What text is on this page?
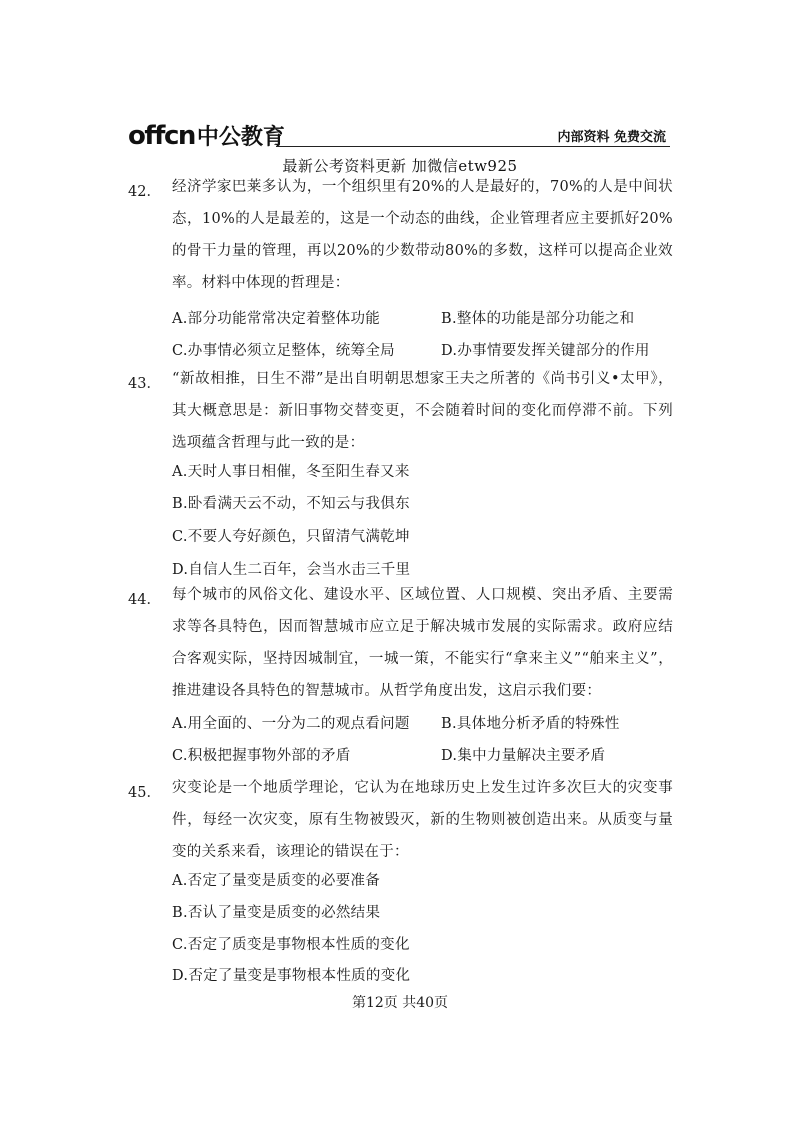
offcn 中公教育	内部资料 免费交流
最新公考资料更新 加微信etw925
42． 经济学家巴莱多认为，一个组织里有20%的人是最好的，70%的人是中间状态，10%的人是最差的，这是一个动态的曲线，企业管理者应主要抓好20%的骨干力量的管理，再以20%的少数带动80%的多数，这样可以提高企业效率。材料中体现的哲理是：
A.部分功能常常决定着整体功能	B.整体的功能是部分功能之和
C.办事情必须立足整体，统筹全局	D.办事情要发挥关键部分的作用
43． “新故相推，日生不滞”是出自明朝思想家王夫之所著的《尚书引义•太甲》，其大概意思是：新旧事物交替变更，不会随着时间的变化而停滞不前。下列选项蕴含哲理与此一致的是：
A.天时人事日相催，冬至阳生春又来
B.卧看满天云不动，不知云与我俱东
C.不要人夸好颜色，只留清气满乾坤
D.自信人生二百年，会当水击三千里
44． 每个城市的风俗文化、建设水平、区域位置、人口规模、突出矛盾、主要需求等各具特色，因而智慧城市应立足于解决城市发展的实际需求。政府应结合客观实际，坚持因城制宜，一城一策，不能实行“拿来主义”“舶来主义”，推进建设各具特色的智慧城市。从哲学角度出发，这启示我们要：
A.用全面的、一分为二的观点看问题 B.具体地分析矛盾的特殊性
C.积极把握事物外部的矛盾	D.集中力量解决主要矛盾
45． 灾变论是一个地质学理论，它认为在地球历史上发生过许多次巨大的灾变事件，每经一次灾变，原有生物被毁灭，新的生物则被创造出来。从质变与量变的关系来看，该理论的错误在于：
A.否定了量变是质变的必要准备
B.否认了量变是质变的必然结果
C.否定了质变是事物根本性质的变化
D.否定了量变是事物根本性质的变化
第12页 共40页
